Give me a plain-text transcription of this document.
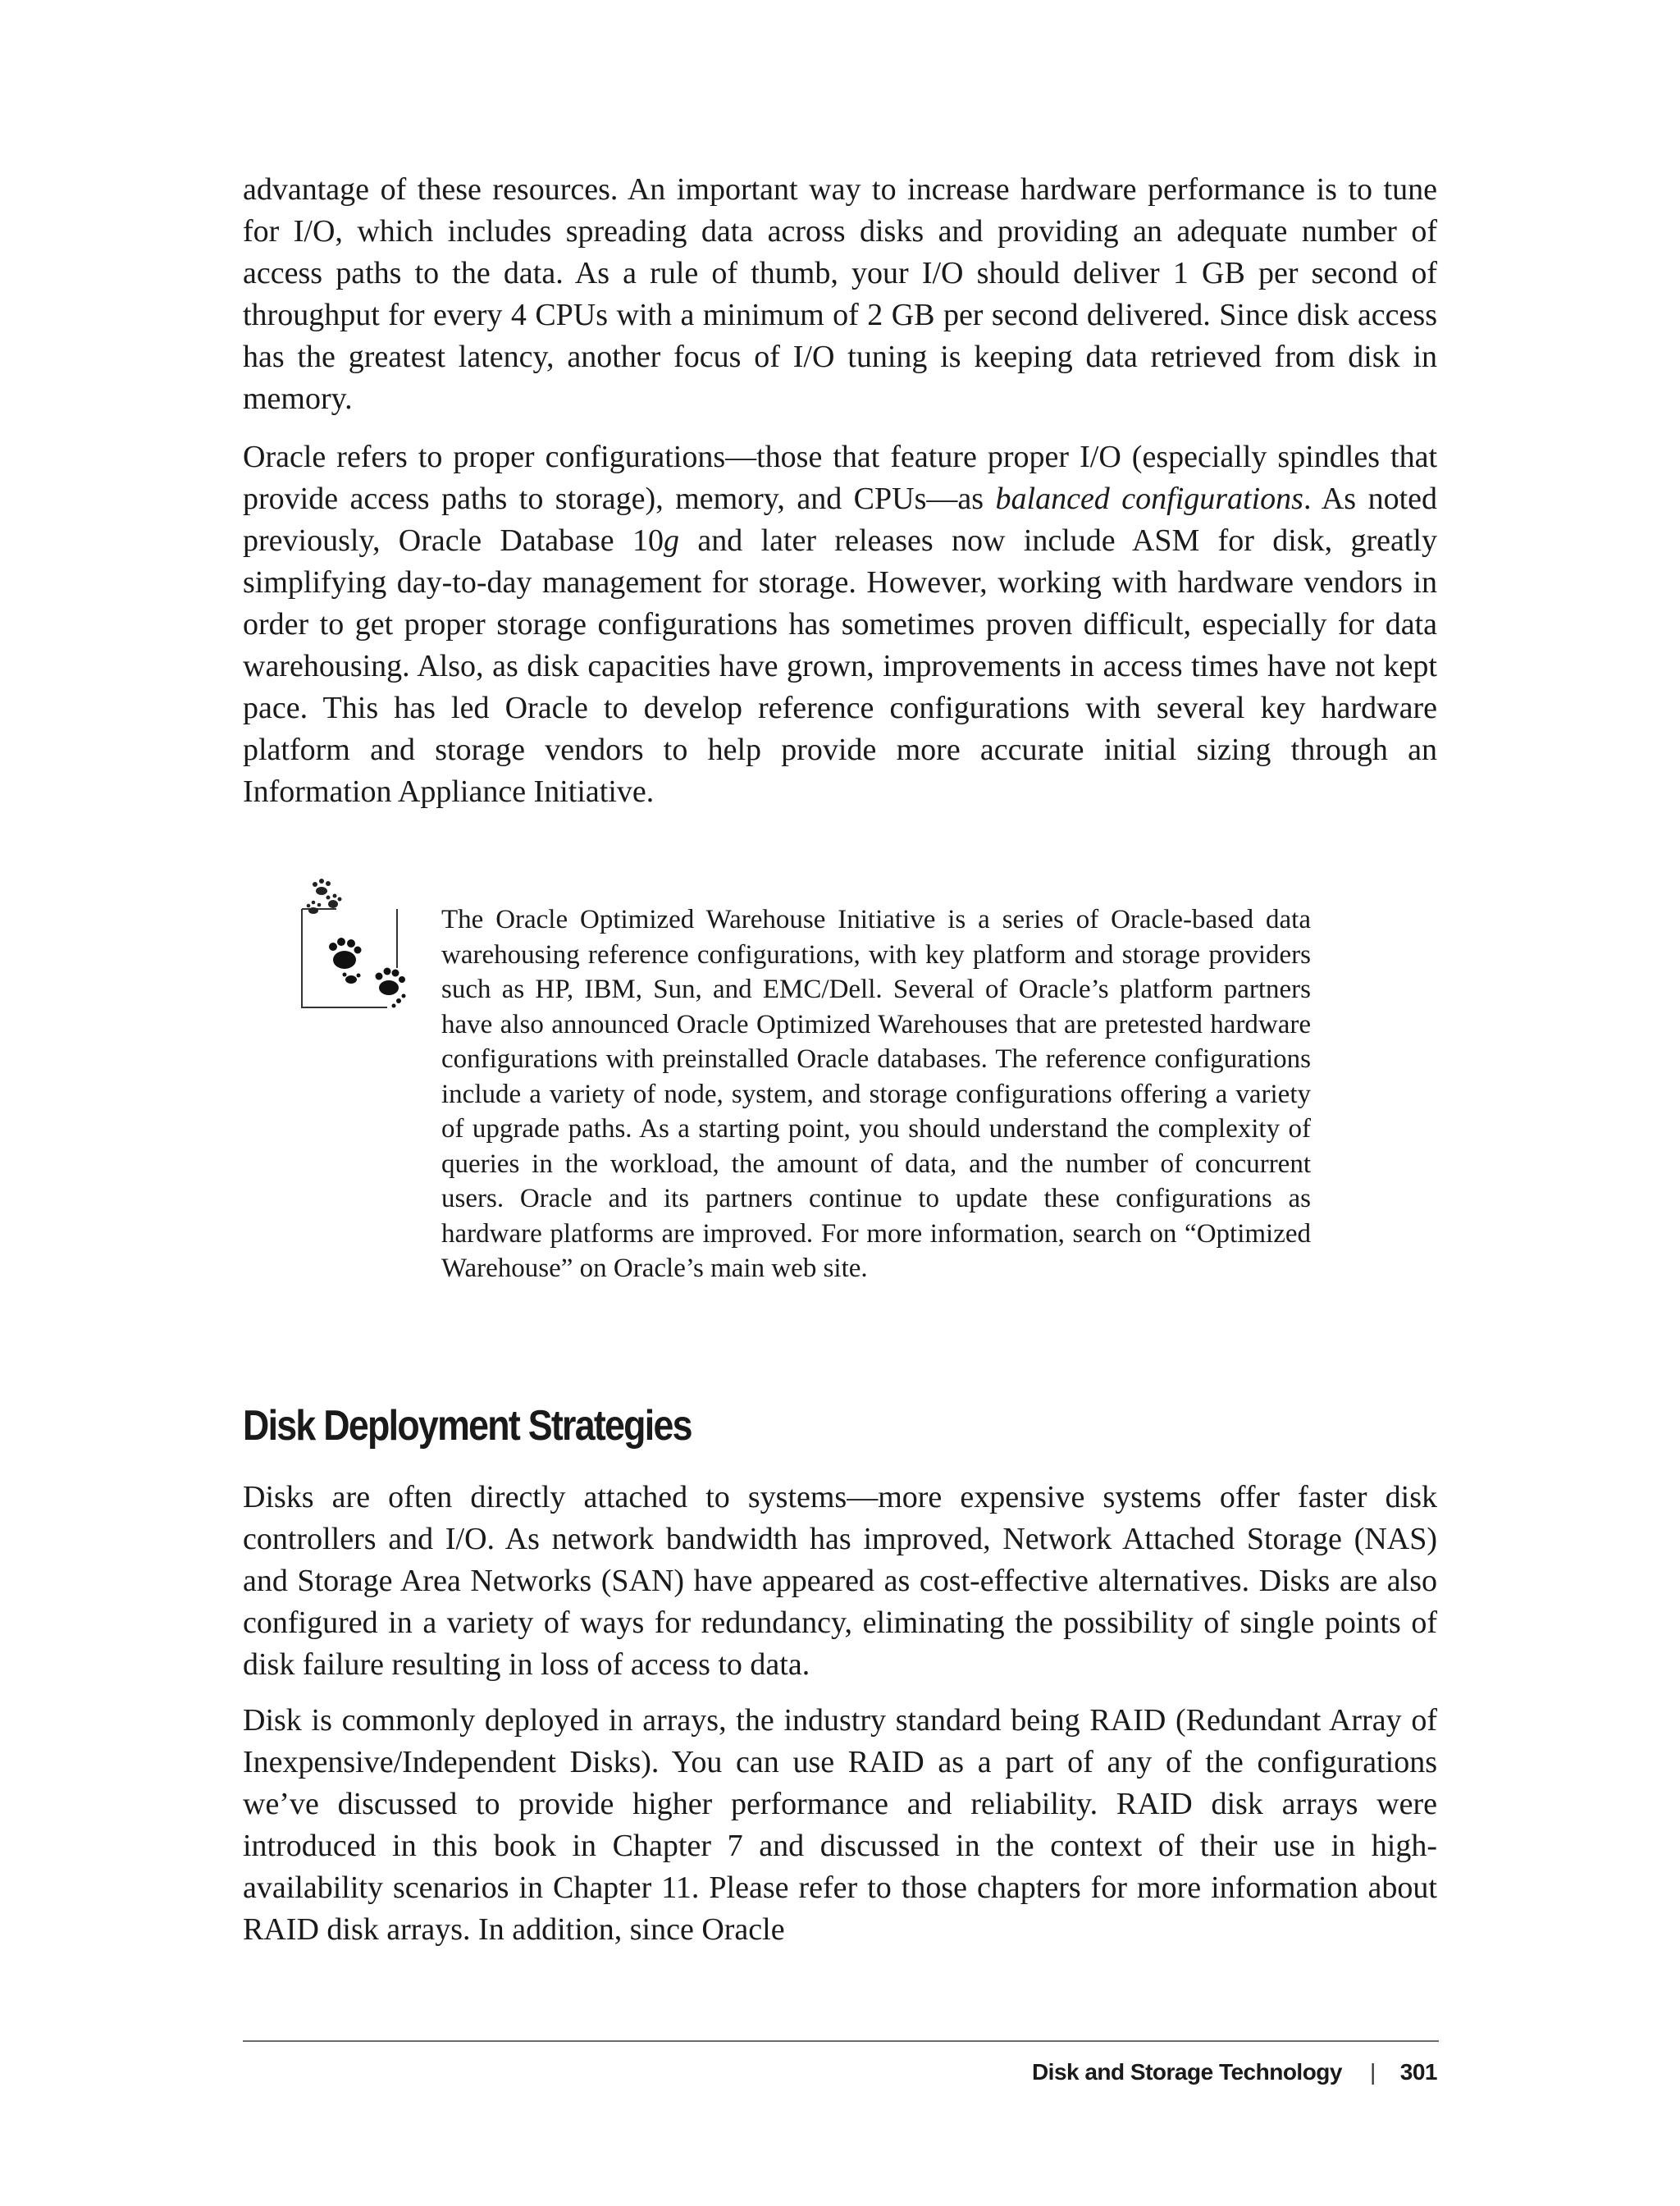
advantage of these resources. An important way to increase hardware performance is to tune for I/O, which includes spreading data across disks and providing an adequate number of access paths to the data. As a rule of thumb, your I/O should deliver 1 GB per second of throughput for every 4 CPUs with a minimum of 2 GB per second delivered. Since disk access has the greatest latency, another focus of I/O tuning is keeping data retrieved from disk in memory.

Oracle refers to proper configurations—those that feature proper I/O (especially spindles that provide access paths to storage), memory, and CPUs—as balanced configurations. As noted previously, Oracle Database 10g and later releases now include ASM for disk, greatly simplifying day-to-day management for storage. However, working with hardware vendors in order to get proper storage configurations has sometimes proven difficult, especially for data warehousing. Also, as disk capacities have grown, improvements in access times have not kept pace. This has led Oracle to develop reference configurations with several key hardware platform and storage vendors to help provide more accurate initial sizing through an Information Appliance Initiative.

The Oracle Optimized Warehouse Initiative is a series of Oracle-based data warehousing reference configurations, with key platform and storage providers such as HP, IBM, Sun, and EMC/Dell. Several of Oracle’s platform partners have also announced Oracle Optimized Warehouses that are pretested hardware configurations with preinstalled Oracle databases. The reference configurations include a variety of node, system, and storage configurations offering a variety of upgrade paths. As a starting point, you should understand the complexity of queries in the workload, the amount of data, and the number of concurrent users. Oracle and its partners continue to update these configurations as hardware platforms are improved. For more information, search on “Optimized Warehouse” on Oracle’s main web site.

Disk Deployment Strategies

Disks are often directly attached to systems—more expensive systems offer faster disk controllers and I/O. As network bandwidth has improved, Network Attached Storage (NAS) and Storage Area Networks (SAN) have appeared as cost-effective alternatives. Disks are also configured in a variety of ways for redundancy, eliminating the possibility of single points of disk failure resulting in loss of access to data.

Disk is commonly deployed in arrays, the industry standard being RAID (Redundant Array of Inexpensive/Independent Disks). You can use RAID as a part of any of the configurations we’ve discussed to provide higher performance and reliability. RAID disk arrays were introduced in this book in Chapter 7 and discussed in the context of their use in high-availability scenarios in Chapter 11. Please refer to those chapters for more information about RAID disk arrays. In addition, since Oracle

Disk and Storage Technology | 301
